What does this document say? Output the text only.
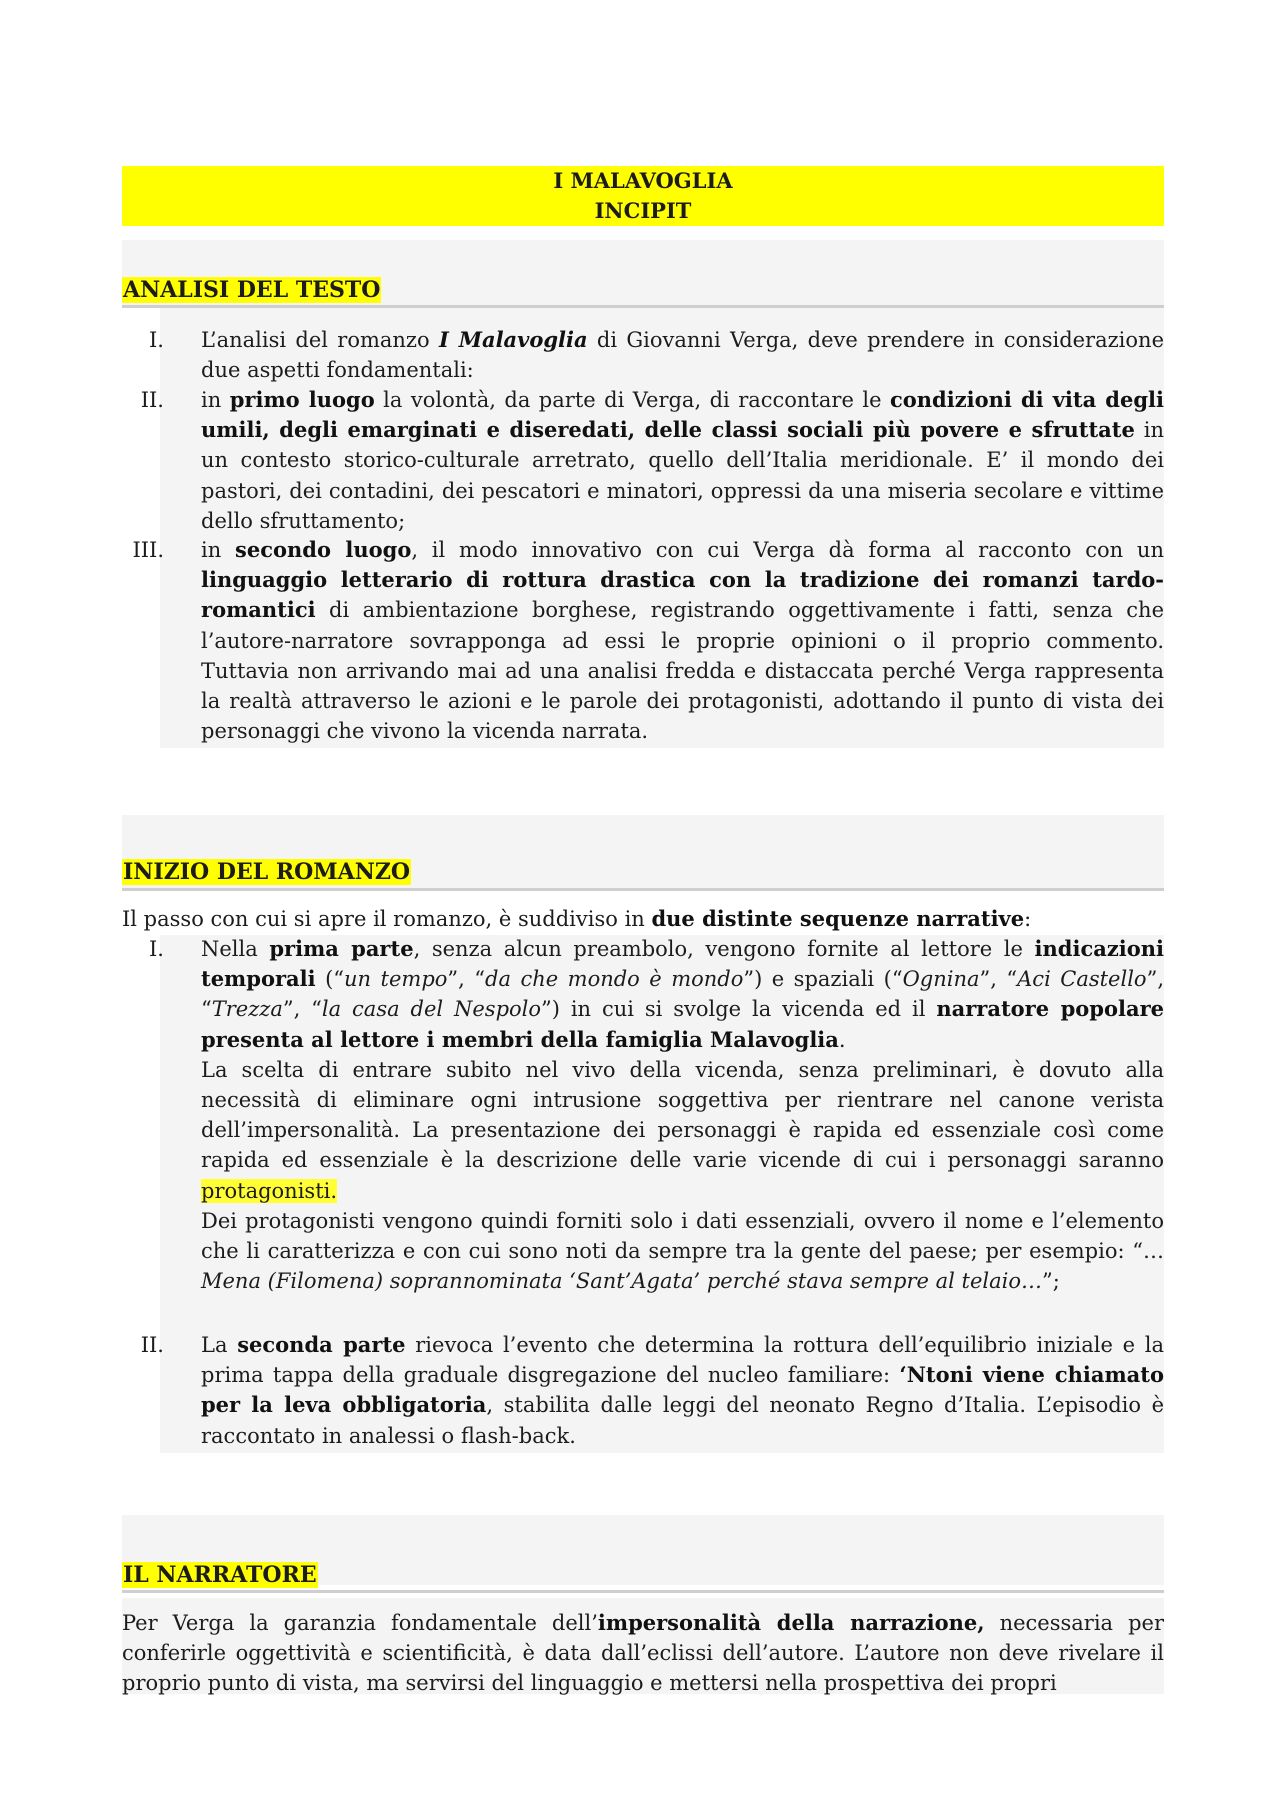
I MALAVOGLIA
INCIPIT
ANALISI DEL TESTO
I. L’analisi del romanzo I Malavoglia di Giovanni Verga, deve prendere in considerazione due aspetti fondamentali:
II. in primo luogo la volontà, da parte di Verga, di raccontare le condizioni di vita degli umili, degli emarginati e diseredati, delle classi sociali più povere e sfruttate in un contesto storico-culturale arretrato, quello dell’Italia meridionale. E’ il mondo dei pastori, dei contadini, dei pescatori e minatori, oppressi da una miseria secolare e vittime dello sfruttamento;
III. in secondo luogo, il modo innovativo con cui Verga dà forma al racconto con un linguaggio letterario di rottura drastica con la tradizione dei romanzi tardo-romantici di ambientazione borghese, registrando oggettivamente i fatti, senza che l’autore-narratore sovrapponga ad essi le proprie opinioni o il proprio commento. Tuttavia non arrivando mai ad una analisi fredda e distaccata perché Verga rappresenta la realtà attraverso le azioni e le parole dei protagonisti, adottando il punto di vista dei personaggi che vivono la vicenda narrata.
INIZIO DEL ROMANZO
Il passo con cui si apre il romanzo, è suddiviso in due distinte sequenze narrative:
I. Nella prima parte, senza alcun preambolo, vengono fornite al lettore le indicazioni temporali (“un tempo”, “da che mondo è mondo”) e spaziali (“Ognina”, “Aci Castello”, “Trezza”, “la casa del Nespolo”) in cui si svolge la vicenda ed il narratore popolare presenta al lettore i membri della famiglia Malavoglia.
La scelta di entrare subito nel vivo della vicenda, senza preliminari, è dovuto alla necessità di eliminare ogni intrusione soggettiva per rientrare nel canone verista dell’impersonalità. La presentazione dei personaggi è rapida ed essenziale così come rapida ed essenziale è la descrizione delle varie vicende di cui i personaggi saranno protagonisti.
Dei protagonisti vengono quindi forniti solo i dati essenziali, ovvero il nome e l’elemento che li caratterizza e con cui sono noti da sempre tra la gente del paese; per esempio: “…Mena (Filomena) soprannominata ‘Sant’Agata’ perché stava sempre al telaio…”;
II. La seconda parte rievoca l’evento che determina la rottura dell’equilibrio iniziale e la prima tappa della graduale disgregazione del nucleo familiare: ‘Ntoni viene chiamato per la leva obbligatoria, stabilita dalle leggi del neonato Regno d’Italia. L’episodio è raccontato in analessi o flash-back.
IL NARRATORE
Per Verga la garanzia fondamentale dell’impersonalità della narrazione, necessaria per conferirle oggettività e scientificità, è data dall’eclissi dell’autore. L’autore non deve rivelare il proprio punto di vista, ma servirsi del linguaggio e mettersi nella prospettiva dei propri
